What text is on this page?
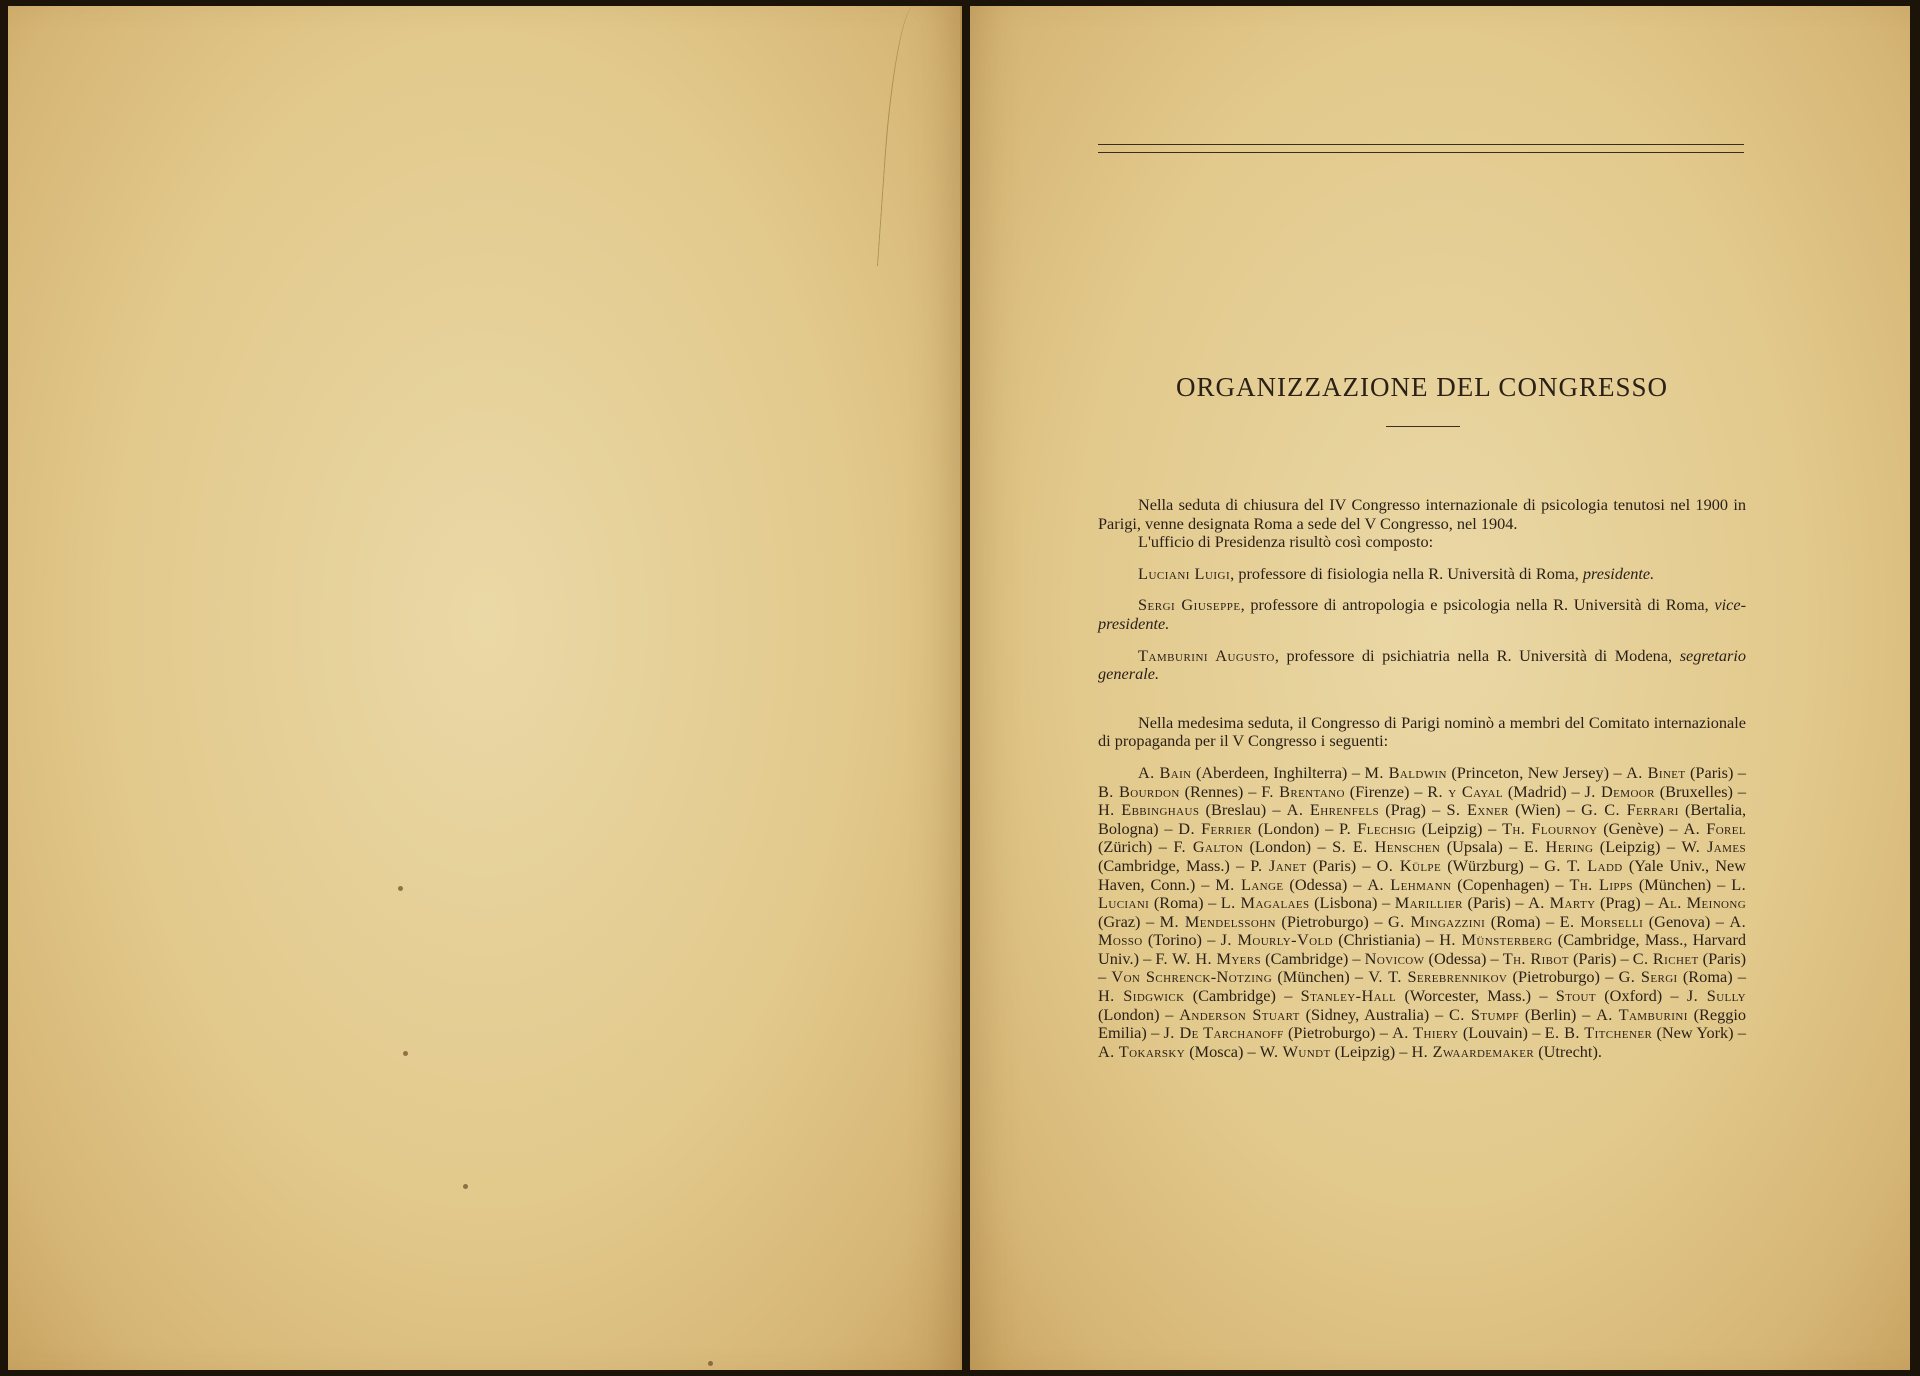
ORGANIZZAZIONE DEL CONGRESSO

Nella seduta di chiusura del IV Congresso internazionale di psicologia tenutosi nel 1900 in Parigi, venne designata Roma a sede del V Congresso, nel 1904.

L'ufficio di Presidenza risultò così composto:

Luciani Luigi, professore di fisiologia nella R. Università di Roma, presidente.

Sergi Giuseppe, professore di antropologia e psicologia nella R. Università di Roma, vice-presidente.

Tamburini Augusto, professore di psichiatria nella R. Università di Modena, segretario generale.

Nella medesima seduta, il Congresso di Parigi nominò a membri del Comitato internazionale di propaganda per il V Congresso i seguenti:

A. Bain (Aberdeen, Inghilterra) – M. Baldwin (Princeton, New Jersey) – A. Binet (Paris) – B. Bourdon (Rennes) – F. Brentano (Firenze) – R. y Cayal (Madrid) – J. Demoor (Bruxelles) – H. Ebbinghaus (Breslau) – A. Ehrenfels (Prag) – S. Exner (Wien) – G. C. Ferrari (Bertalia, Bologna) – D. Ferrier (London) – P. Flechsig (Leipzig) – Th. Flournoy (Genève) – A. Forel (Zürich) – F. Galton (London) – S. E. Henschen (Upsala) – E. Hering (Leipzig) – W. James (Cambridge, Mass.) – P. Janet (Paris) – O. Külpe (Würzburg) – G. T. Ladd (Yale Univ., New Haven, Conn.) – M. Lange (Odessa) – A. Lehmann (Copenhagen) – Th. Lipps (München) – L. Luciani (Roma) – L. Magalaes (Lisbona) – Marillier (Paris) – A. Marty (Prag) – Al. Meinong (Graz) – M. Mendelssohn (Pietroburgo) – G. Mingazzini (Roma) – E. Morselli (Genova) – A. Mosso (Torino) – J. Mourly-Vold (Christiania) – H. Münsterberg (Cambridge, Mass., Harvard Univ.) – F. W. H. Myers (Cambridge) – Novicow (Odessa) – Th. Ribot (Paris) – C. Richet (Paris) – Von Schrenck-Notzing (München) – V. T. Serebrennikov (Pietroburgo) – G. Sergi (Roma) – H. Sidgwick (Cambridge) – Stanley-Hall (Worcester, Mass.) – Stout (Oxford) – J. Sully (London) – Anderson Stuart (Sidney, Australia) – C. Stumpf (Berlin) – A. Tamburini (Reggio Emilia) – J. De Tarchanoff (Pietroburgo) – A. Thiery (Louvain) – E. B. Titchener (New York) – A. Tokarsky (Mosca) – W. Wundt (Leipzig) – H. Zwaardemaker (Utrecht).
